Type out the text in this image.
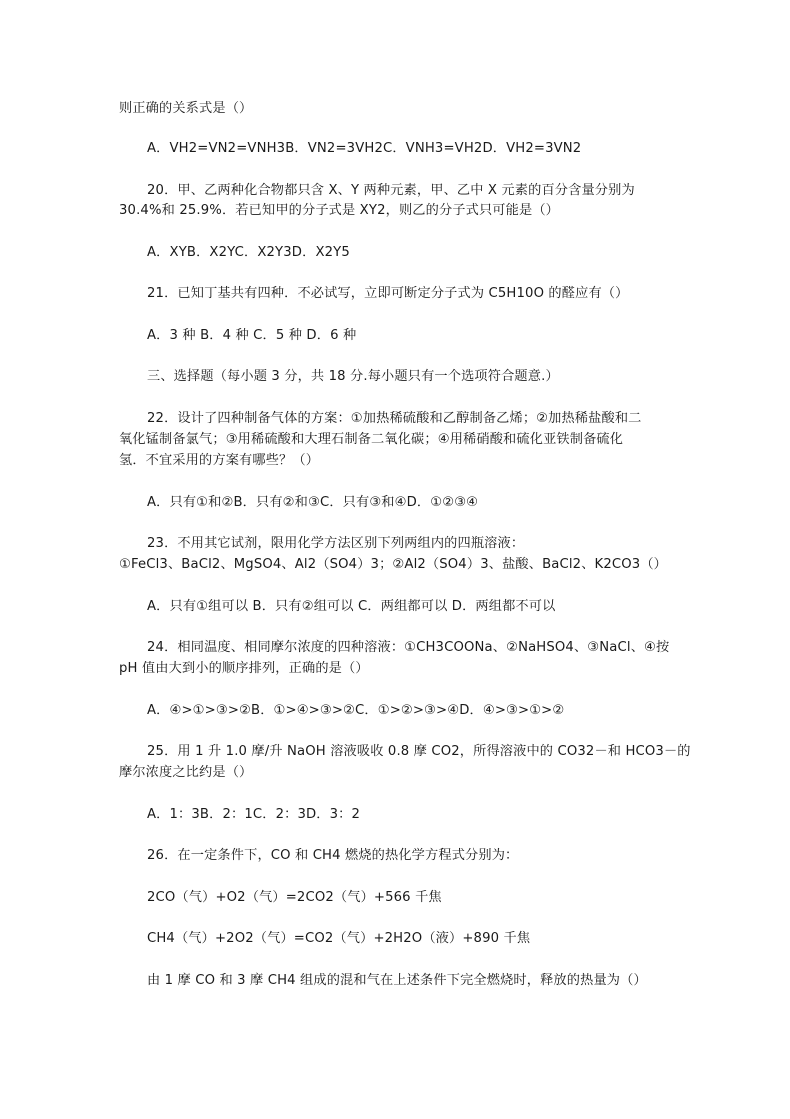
则正确的关系式是（）
A．ⅤH2=ⅤN2=ⅤNH3B．ⅤN2=3ⅤH2C．ⅤNH3=ⅤH2D．ⅤH2=3ⅤN2
20．甲、乙两种化合物都只含 X、Y 两种元素，甲、乙中 X 元素的百分含量分别为
30.4%和 25.9%．若已知甲的分子式是 XY2，则乙的分子式只可能是（）
A．XYB．X2YC．X2Y3D．X2Y5
21．已知丁基共有四种．不必试写，立即可断定分子式为 C5H10O 的醛应有（）
A．3 种 B．4 种 C．5 种 D．6 种
三、选择题（每小题 3 分，共 18 分.每小题只有一个选项符合题意.）
22．设计了四种制备气体的方案：①加热稀硫酸和乙醇制备乙烯；②加热稀盐酸和二
氧化锰制备氯气；③用稀硫酸和大理石制备二氧化碳；④用稀硝酸和硫化亚铁制备硫化
氢．不宜采用的方案有哪些？（）
A．只有①和②B．只有②和③C．只有③和④D．①②③④
23．不用其它试剂，限用化学方法区别下列两组内的四瓶溶液：
①FeCl3、BaCl2、MgSO4、Al2（SO4）3；②Al2（SO4）3、盐酸、BaCl2、K2CO3（）
A．只有①组可以 B．只有②组可以 C．两组都可以 D．两组都不可以
24．相同温度、相同摩尔浓度的四种溶液：①CH3COONa、②NaHSO4、③NaCl、④按
pH 值由大到小的顺序排列，正确的是（）
A．④>①>③>②B．①>④>③>②C．①>②>③>④D．④>③>①>②
25．用 1 升 1.0 摩/升 NaOH 溶液吸收 0.8 摩 CO2，所得溶液中的 CO32－和 HCO3－的
摩尔浓度之比约是（）
A．1：3B．2：1C．2：3D．3：2
26．在一定条件下，CO 和 CH4 燃烧的热化学方程式分别为：
2CO（气）+O2（气）=2CO2（气）+566 千焦
CH4（气）+2O2（气）=CO2（气）+2H2O（液）+890 千焦
由 1 摩 CO 和 3 摩 CH4 组成的混和气在上述条件下完全燃烧时，释放的热量为（）
